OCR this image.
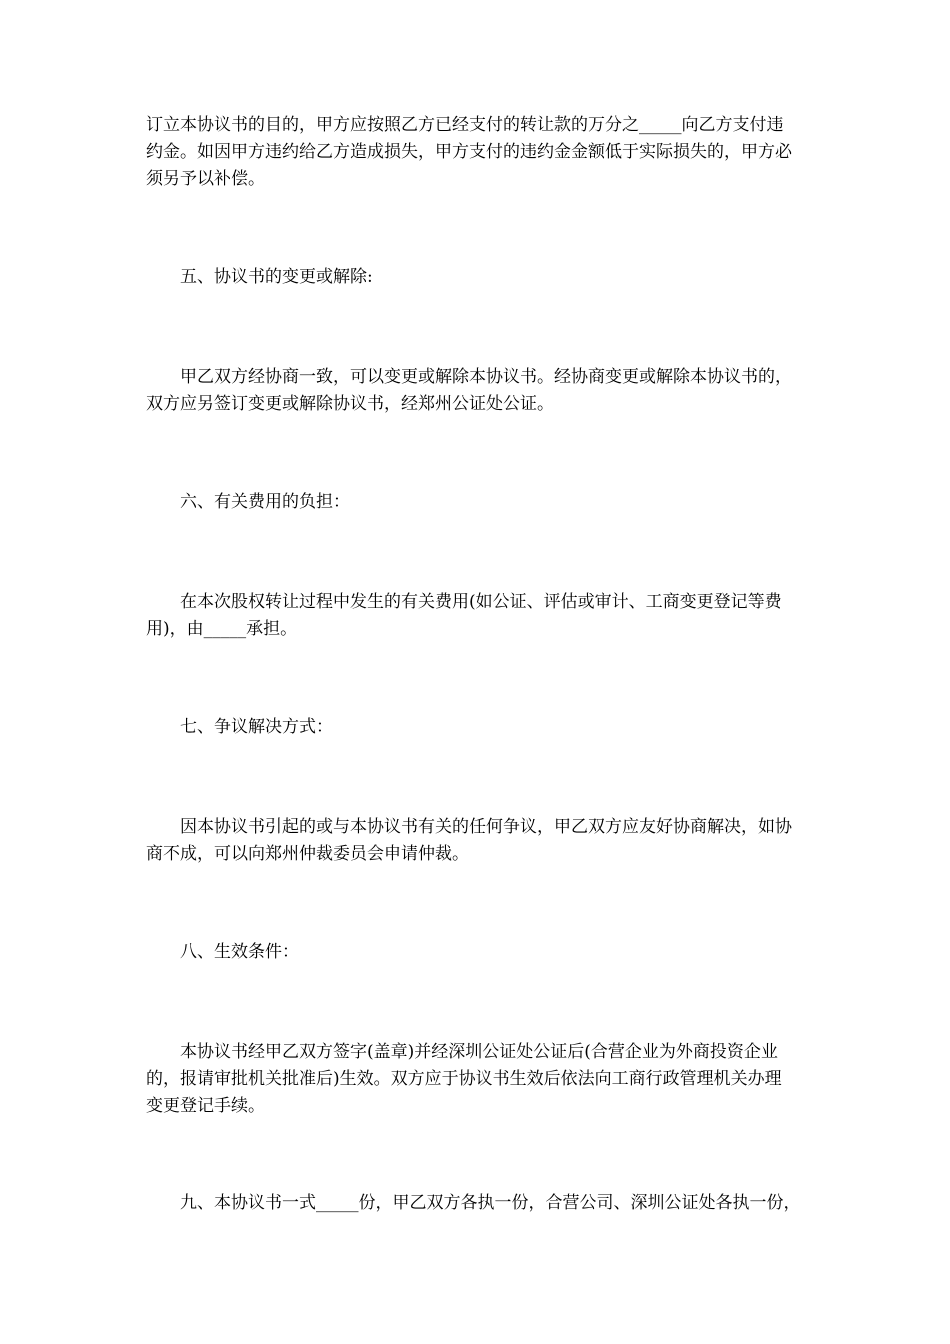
订立本协议书的目的，甲方应按照乙方已经支付的转让款的万分之_____向乙方支付违
约金。如因甲方违约给乙方造成损失，甲方支付的违约金金额低于实际损失的，甲方必
须另予以补偿。

五、协议书的变更或解除:

甲乙双方经协商一致，可以变更或解除本协议书。经协商变更或解除本协议书的，
双方应另签订变更或解除协议书，经郑州公证处公证。

六、有关费用的负担：

在本次股权转让过程中发生的有关费用(如公证、评估或审计、工商变更登记等费
用)，由_____承担。

七、争议解决方式：

因本协议书引起的或与本协议书有关的任何争议，甲乙双方应友好协商解决，如协
商不成，可以向郑州仲裁委员会申请仲裁。

八、生效条件：

本协议书经甲乙双方签字(盖章)并经深圳公证处公证后(合营企业为外商投资企业
的，报请审批机关批准后)生效。双方应于协议书生效后依法向工商行政管理机关办理
变更登记手续。

九、本协议书一式_____份，甲乙双方各执一份，合营公司、深圳公证处各执一份，
